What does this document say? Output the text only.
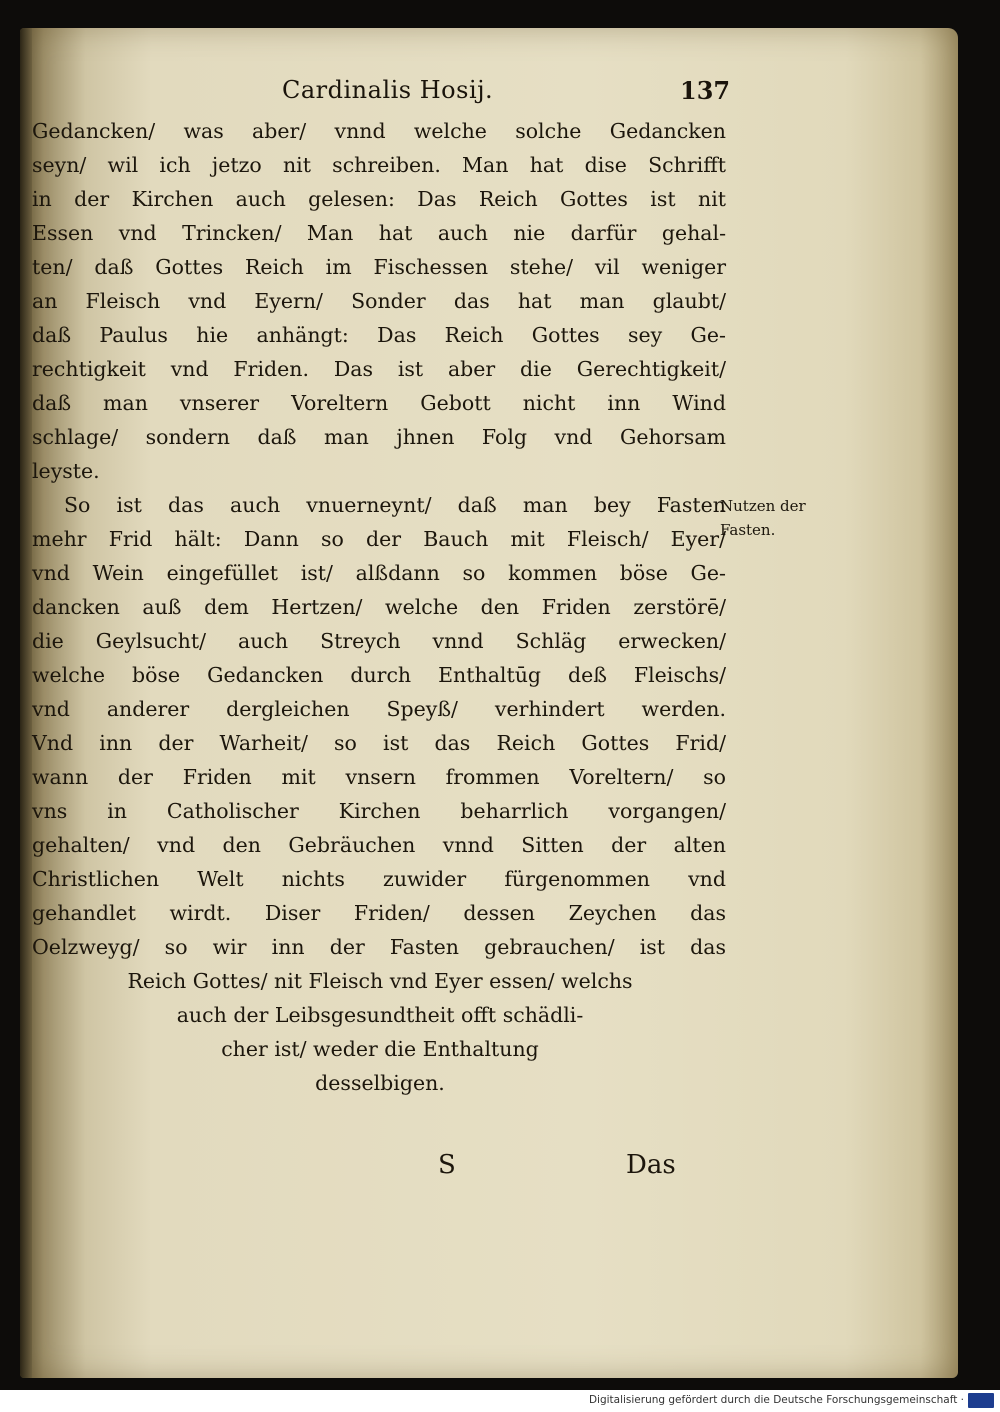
Cardinalis Hosij.	137
Gedancken/ was aber/ vnnd welche solche Gedancken
seyn/ wil ich jetzo nit schreiben. Man hat dise Schrifft
in der Kirchen auch gelesen: Das Reich Gottes ist nit
Essen vnd Trincken/ Man hat auch nie darfür gehal-
ten/ daß Gottes Reich im Fischessen stehe/ vil weniger
an Fleisch vnd Eyern/ Sonder das hat man glaubt/
daß Paulus hie anhängt: Das Reich Gottes sey Ge-
rechtigkeit vnd Friden. Das ist aber die Gerechtigkeit/
daß man vnserer Voreltern Gebott nicht inn Wind
schlage/ sondern daß man jhnen Folg vnd Gehorsam
leyste.
So ist das auch vnuerneynt/ daß man bey Fasten
mehr Frid hält: Dann so der Bauch mit Fleisch/ Eyer/
vnd Wein eingefüllet ist/ alßdann so kommen böse Ge-
dancken auß dem Hertzen/ welche den Friden zerstörē/
die Geylsucht/ auch Streych vnnd Schläg erwecken/
welche böse Gedancken durch Enthaltūg deß Fleischs/
vnd anderer dergleichen Speyß/ verhindert werden.
Vnd inn der Warheit/ so ist das Reich Gottes Frid/
wann der Friden mit vnsern frommen Voreltern/ so
vns in Catholischer Kirchen beharrlich vorgangen/
gehalten/ vnd den Gebräuchen vnnd Sitten der alten
Christlichen Welt nichts zuwider fürgenommen vnd
gehandlet wirdt. Diser Friden/ dessen Zeychen das
Oelzweyg/ so wir inn der Fasten gebrauchen/ ist das
Reich Gottes/ nit Fleisch vnd Eyer essen/ welchs
auch der Leibsgesundtheit offt schädli-
cher ist/ weder die Enthaltung
desselbigen.
Nutzen der
Fasten.
S	Das
Digitalisierung gefördert durch die Deutsche Forschungsgemeinschaft ·
